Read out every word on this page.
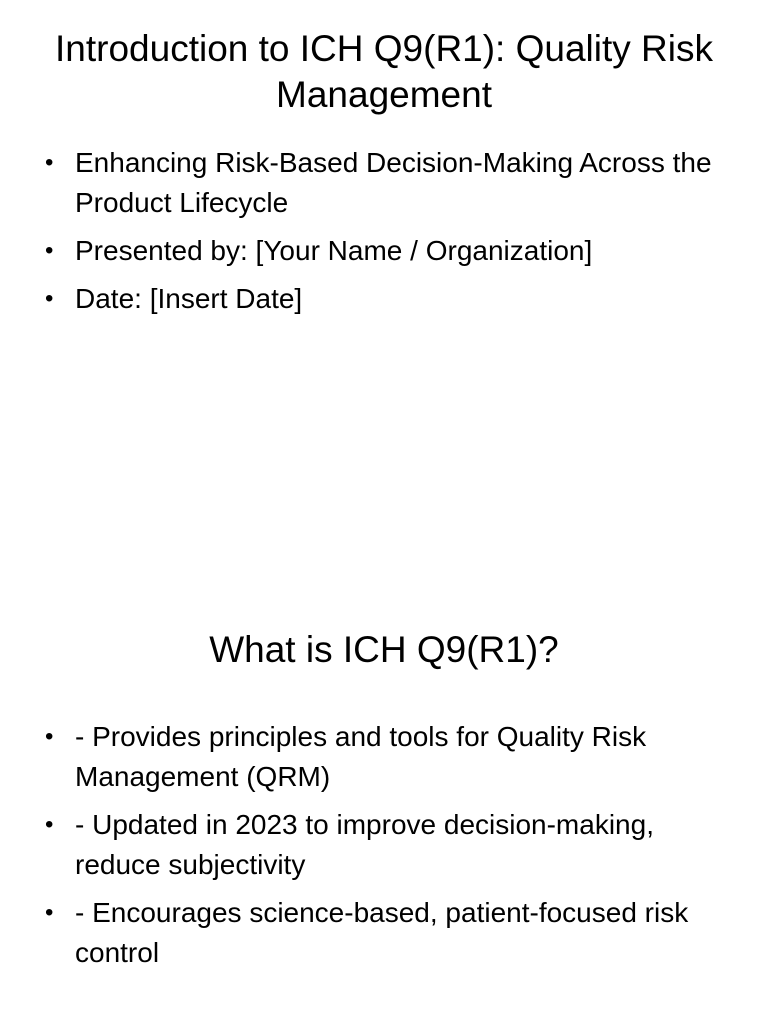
Introduction to ICH Q9(R1): Quality Risk Management
• Enhancing Risk-Based Decision-Making Across the Product Lifecycle
• Presented by: [Your Name / Organization]
• Date: [Insert Date]
What is ICH Q9(R1)?
• - Provides principles and tools for Quality Risk Management (QRM)
• - Updated in 2023 to improve decision-making, reduce subjectivity
• - Encourages science-based, patient-focused risk control
